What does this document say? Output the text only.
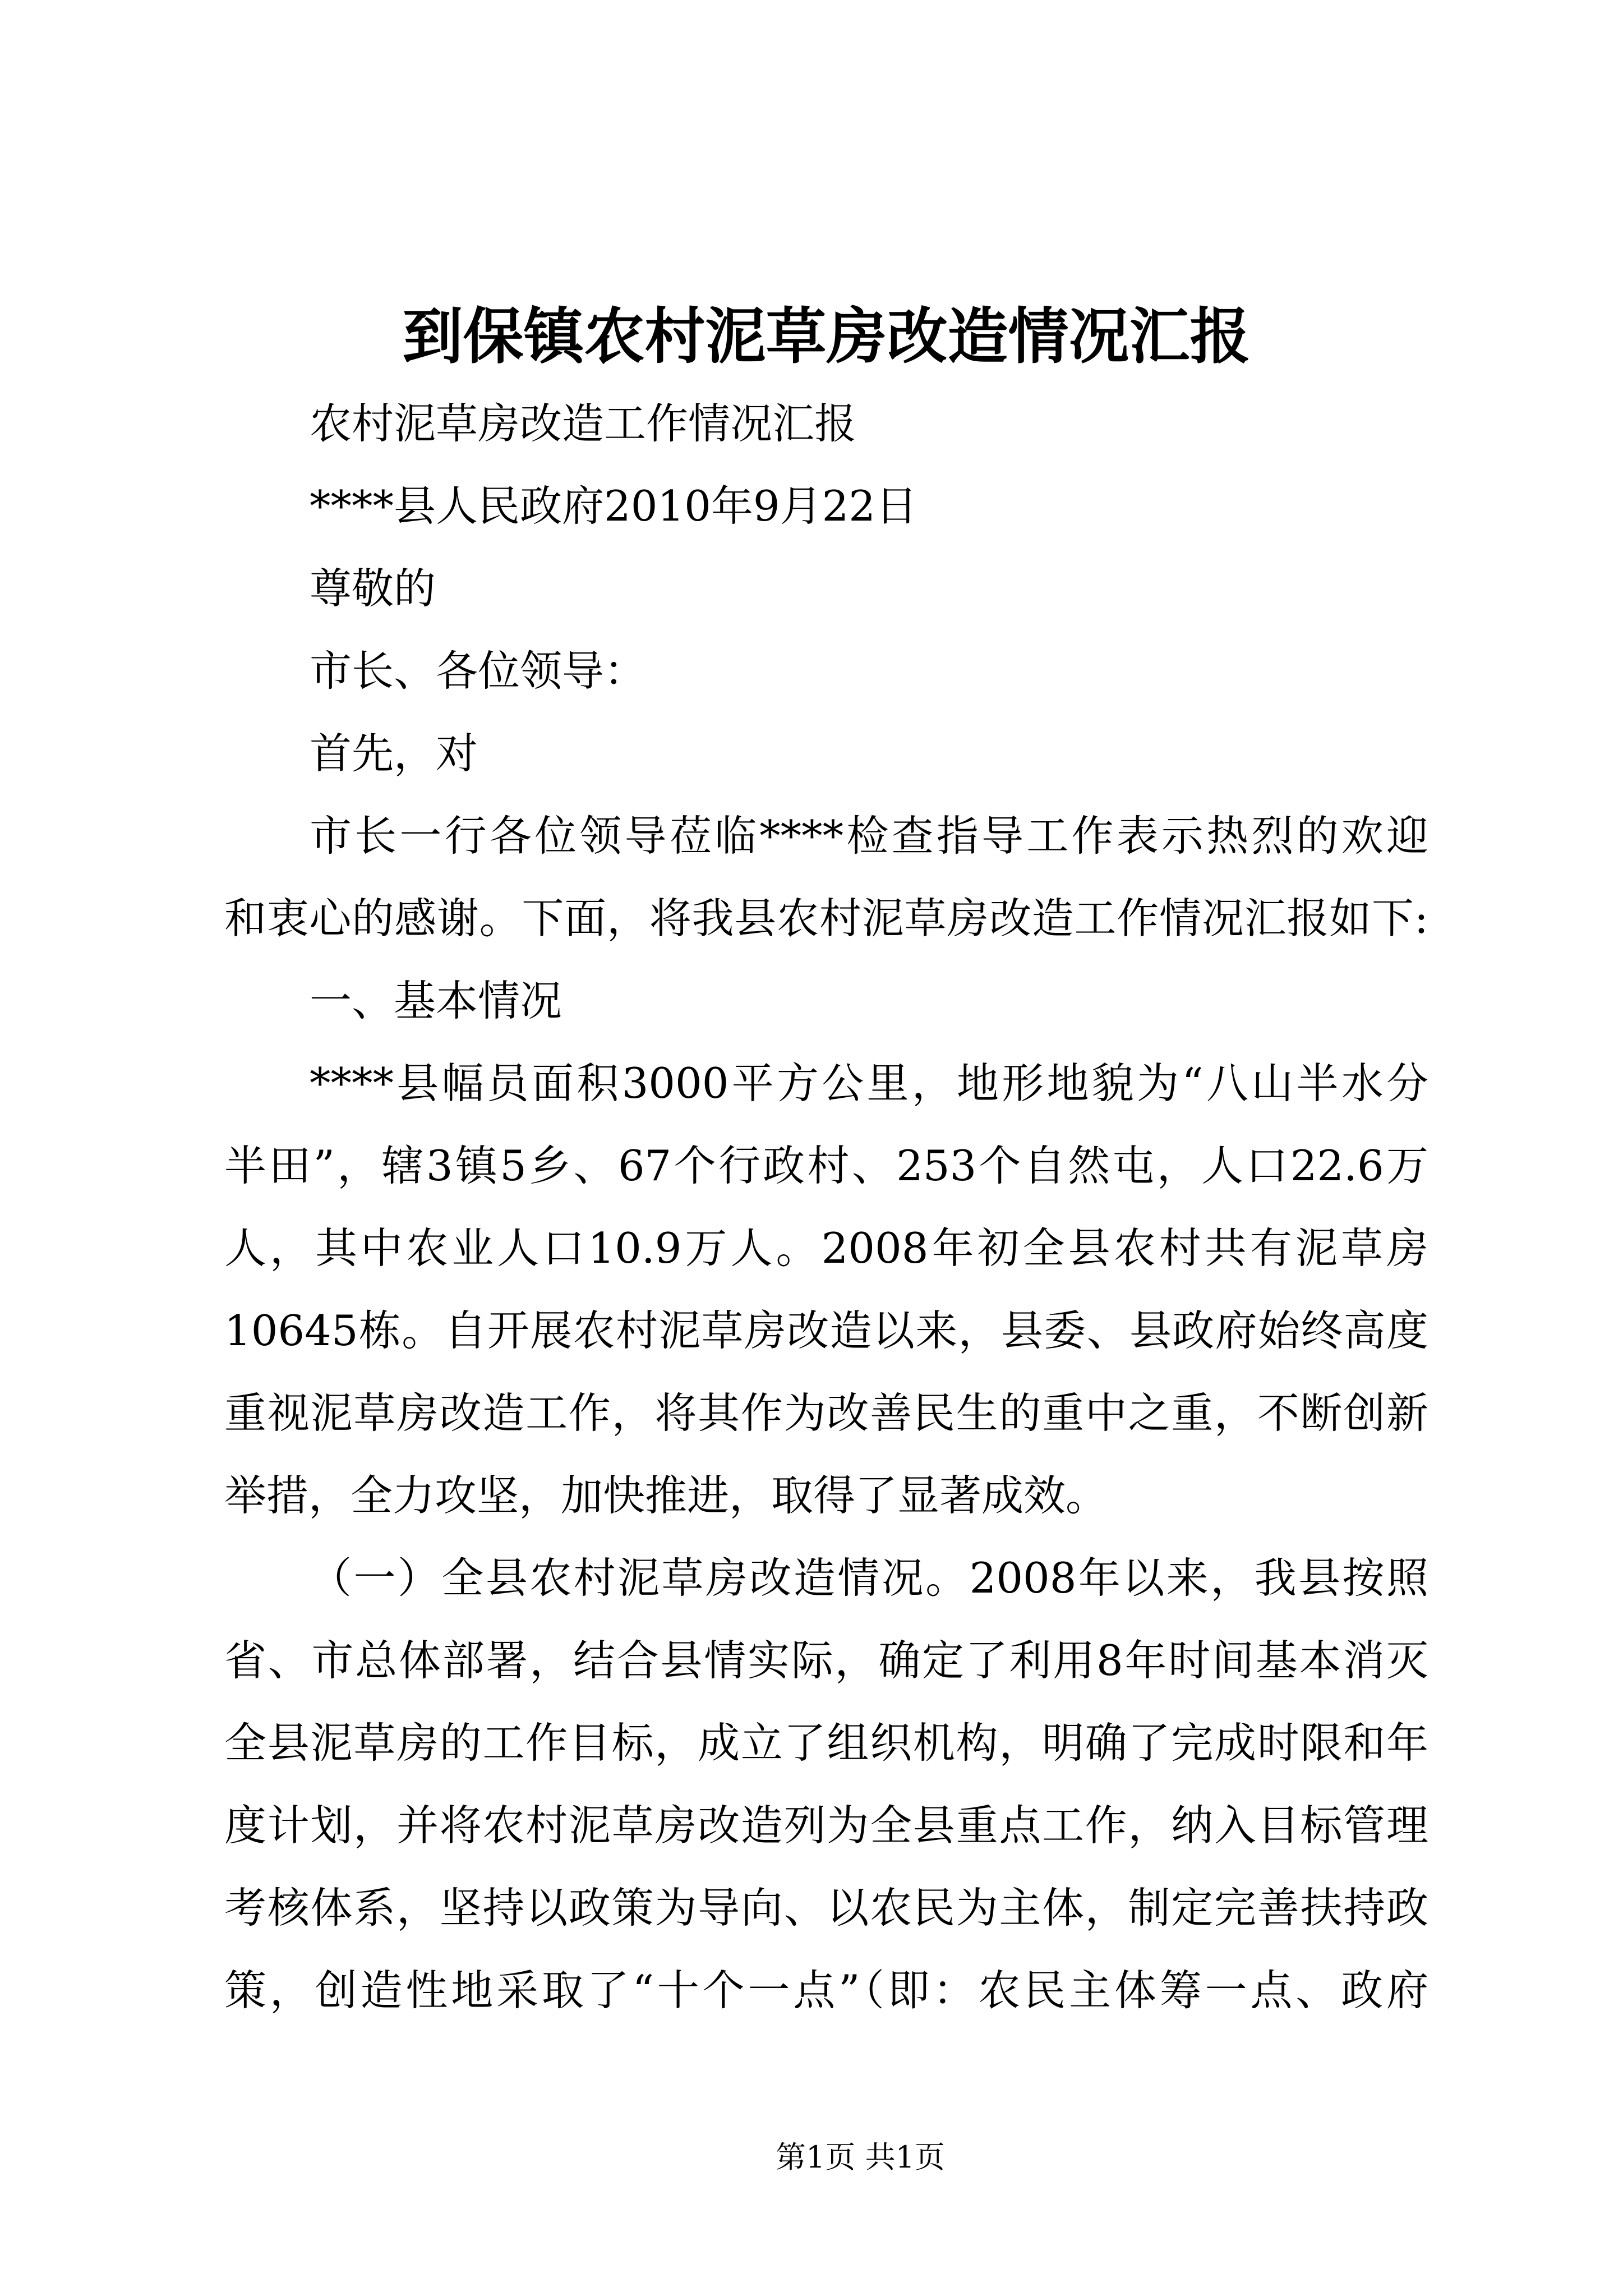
到保镇农村泥草房改造情况汇报
农村泥草房改造工作情况汇报
****县人民政府2010年9月22日
尊敬的
市长、各位领导：
首先，对
市长一行各位领导莅临****检查指导工作表示热烈的欢迎
和衷心的感谢。下面，将我县农村泥草房改造工作情况汇报如下:
一、基本情况
****县幅员面积3000平方公里，地形地貌为“八山半水分
半田”，辖3镇5乡、67个行政村、253个自然屯，人口22.6万
人，其中农业人口10.9万人。2008年初全县农村共有泥草房
10645栋。自开展农村泥草房改造以来，县委、县政府始终高度
重视泥草房改造工作，将其作为改善民生的重中之重，不断创新
举措，全力攻坚，加快推进，取得了显著成效。
（一）全县农村泥草房改造情况。2008年以来，我县按照
省、市总体部署，结合县情实际，确定了利用8年时间基本消灭
全县泥草房的工作目标，成立了组织机构，明确了完成时限和年
度计划，并将农村泥草房改造列为全县重点工作，纳入目标管理
考核体系，坚持以政策为导向、以农民为主体，制定完善扶持政
策，创造性地采取了“十个一点”（即：农民主体筹一点、政府
第1页 共1页
